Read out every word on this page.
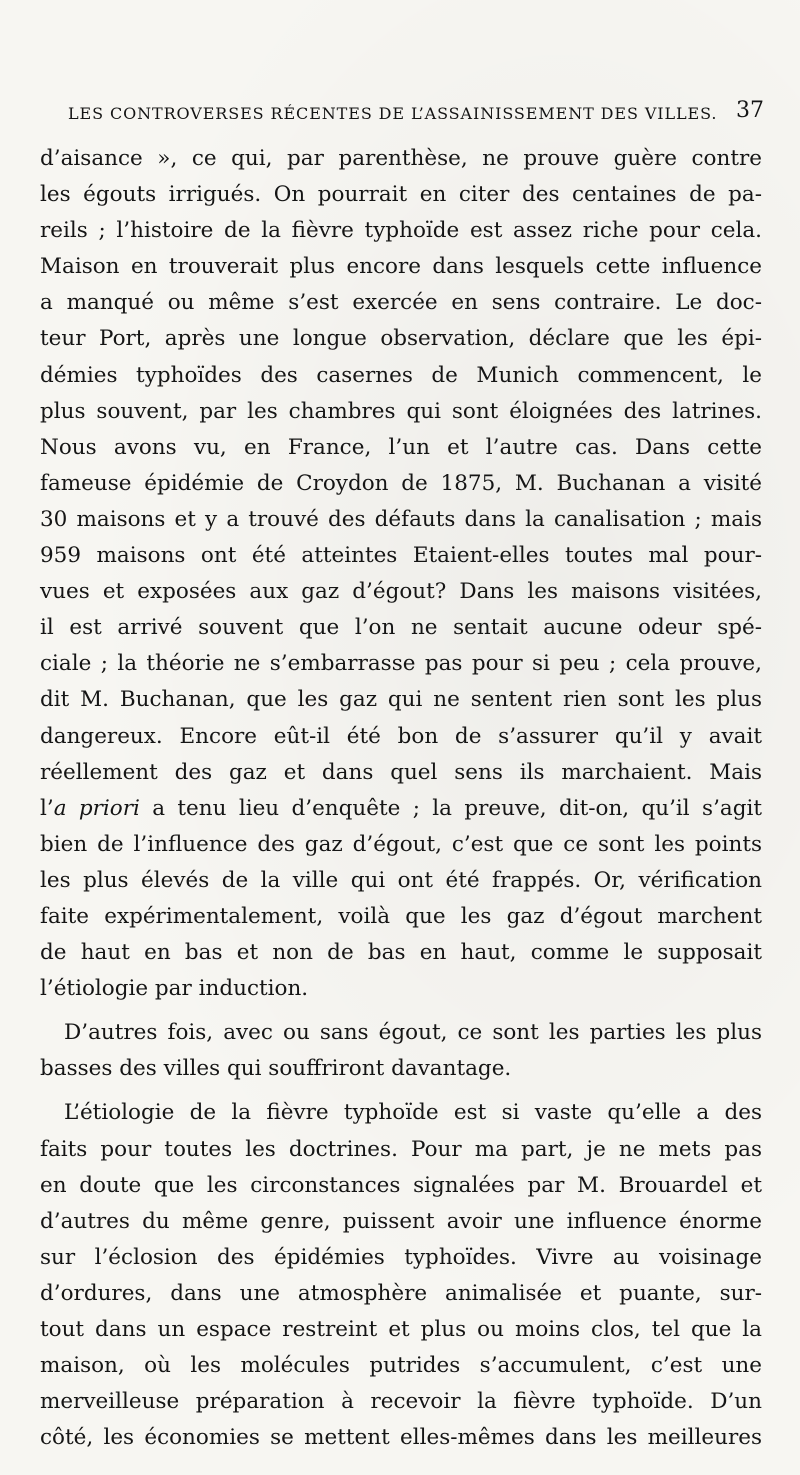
LES CONTROVERSES RÉCENTES DE L’ASSAINISSEMENT DES VILLES. 37
d’aisance », ce qui, par parenthèse, ne prouve guère contre
les égouts irrigués. On pourrait en citer des centaines de pa-
reils ; l’histoire de la fièvre typhoïde est assez riche pour cela.
Maison en trouverait plus encore dans lesquels cette influence
a manqué ou même s’est exercée en sens contraire. Le doc-
teur Port, après une longue observation, déclare que les épi-
démies typhoïdes des casernes de Munich commencent, le
plus souvent, par les chambres qui sont éloignées des latrines.
Nous avons vu, en France, l’un et l’autre cas. Dans cette
fameuse épidémie de Croydon de 1875, M. Buchanan a visité
30 maisons et y a trouvé des défauts dans la canalisation ; mais
959 maisons ont été atteintes Etaient-elles toutes mal pour-
vues et exposées aux gaz d’égout? Dans les maisons visitées,
il est arrivé souvent que l’on ne sentait aucune odeur spé-
ciale ; la théorie ne s’embarrasse pas pour si peu ; cela prouve,
dit M. Buchanan, que les gaz qui ne sentent rien sont les plus
dangereux. Encore eût-il été bon de s’assurer qu’il y avait
réellement des gaz et dans quel sens ils marchaient. Mais
l’a priori a tenu lieu d’enquête ; la preuve, dit-on, qu’il s’agit
bien de l’influence des gaz d’égout, c’est que ce sont les points
les plus élevés de la ville qui ont été frappés. Or, vérification
faite expérimentalement, voilà que les gaz d’égout marchent
de haut en bas et non de bas en haut, comme le supposait
l’étiologie par induction.
D’autres fois, avec ou sans égout, ce sont les parties les plus
basses des villes qui souffriront davantage.
L’étiologie de la fièvre typhoïde est si vaste qu’elle a des
faits pour toutes les doctrines. Pour ma part, je ne mets pas
en doute que les circonstances signalées par M. Brouardel et
d’autres du même genre, puissent avoir une influence énorme
sur l’éclosion des épidémies typhoïdes. Vivre au voisinage
d’ordures, dans une atmosphère animalisée et puante, sur-
tout dans un espace restreint et plus ou moins clos, tel que la
maison, où les molécules putrides s’accumulent, c’est une
merveilleuse préparation à recevoir la fièvre typhoïde. D’un
côté, les économies se mettent elles-mêmes dans les meilleures
